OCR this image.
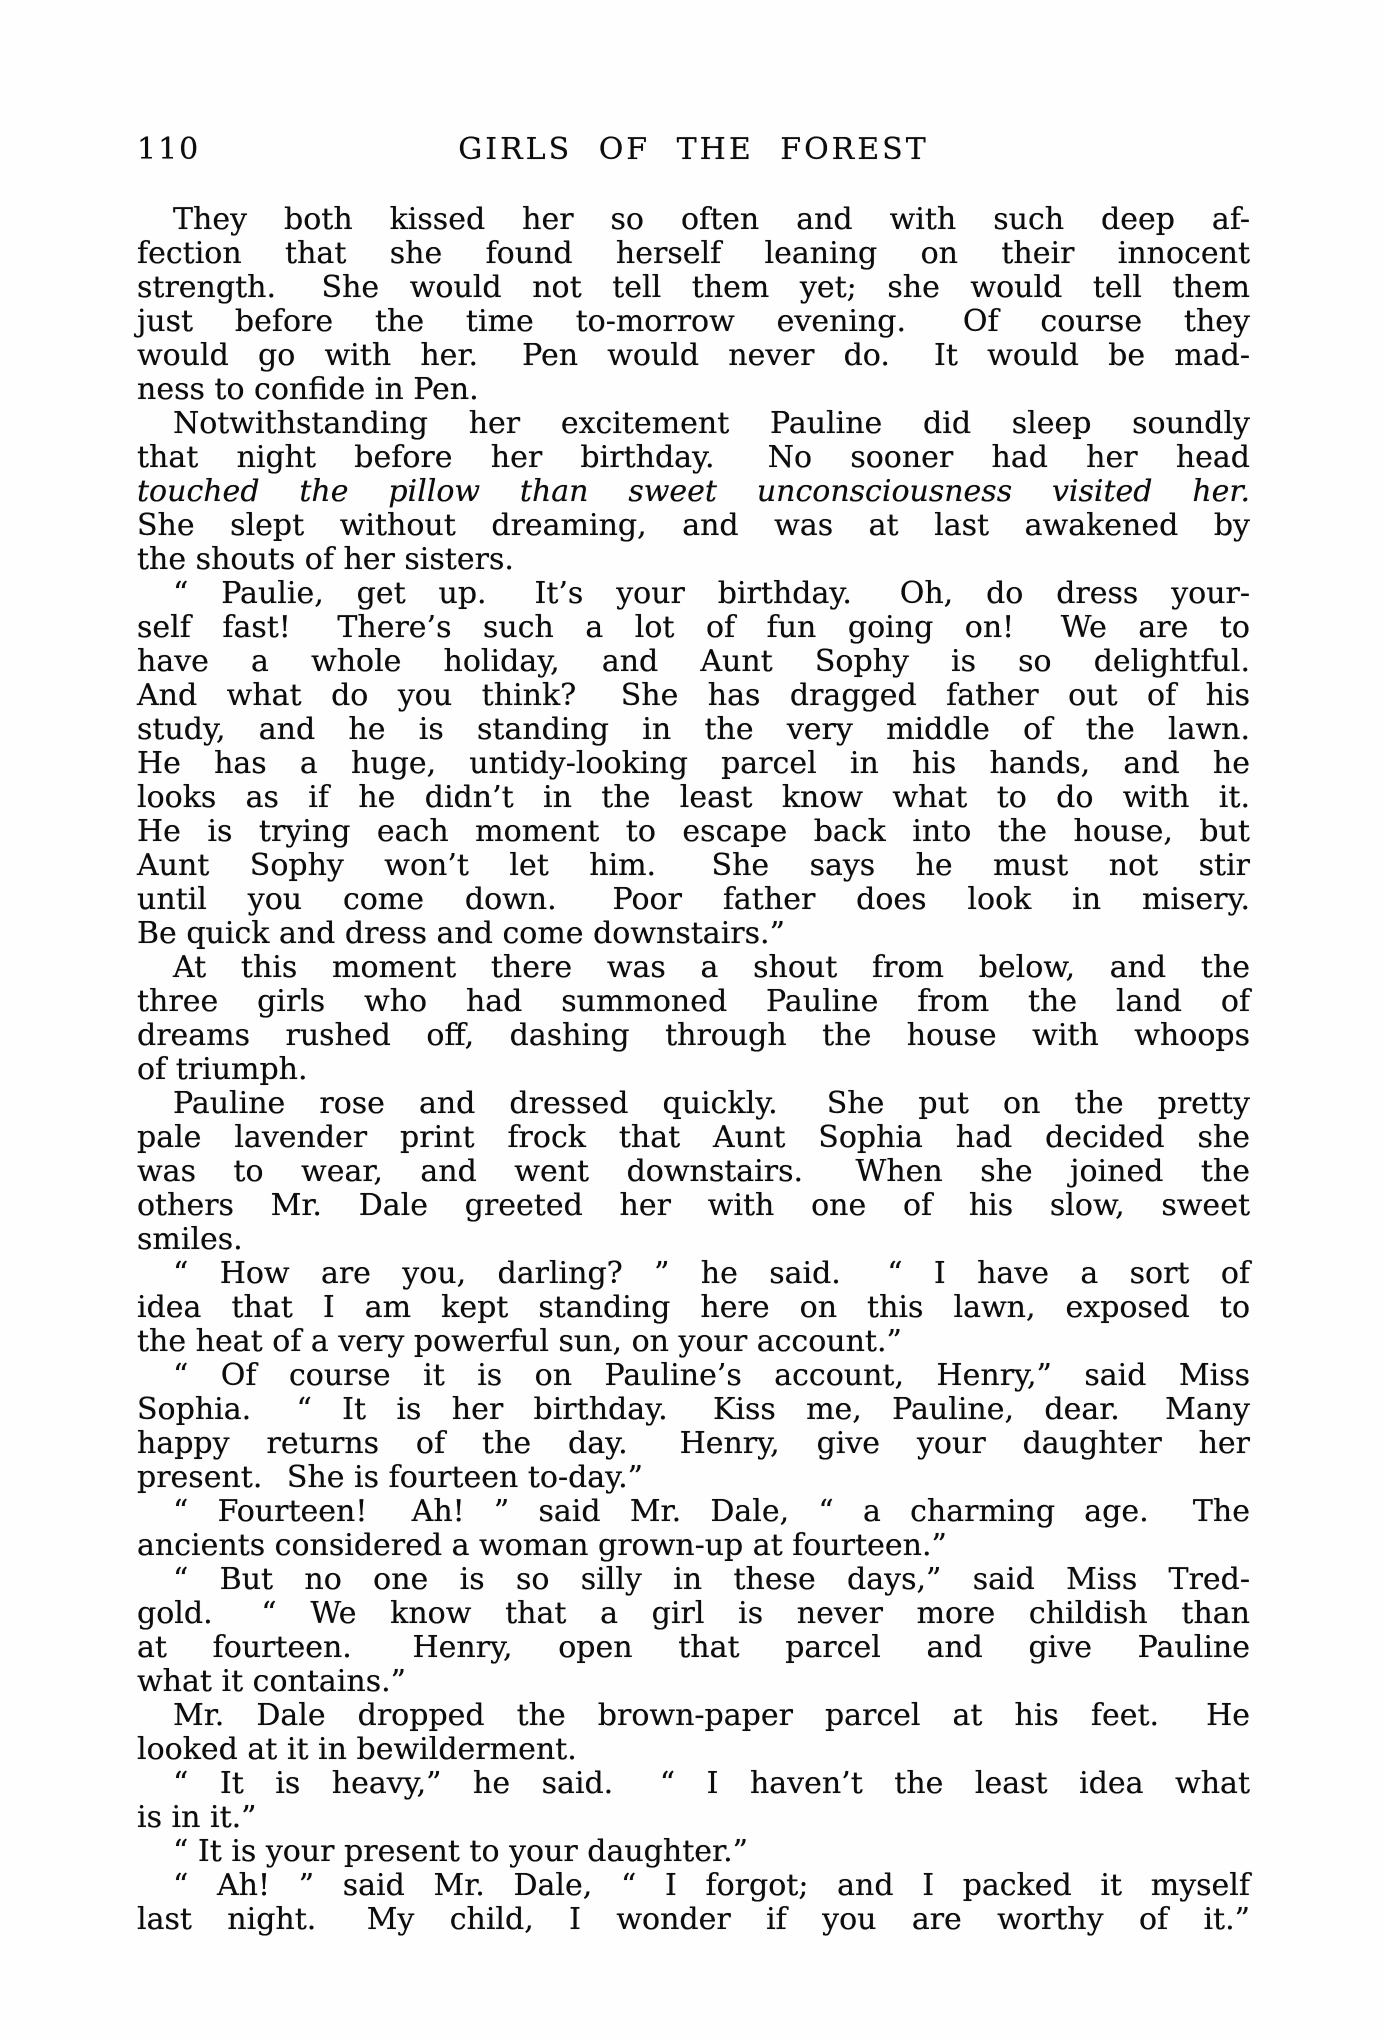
110	GIRLS OF THE FOREST
They both kissed her so often and with such deep af-
fection that she found herself leaning on their innocent
strength.  She would not tell them yet; she would tell them
just before the time to-morrow evening.  Of course they
would go with her.  Pen would never do.  It would be mad-
ness to confide in Pen.
Notwithstanding her excitement Pauline did sleep soundly
that night before her birthday.  No sooner had her head
touched the pillow than sweet unconsciousness visited her.
She slept without dreaming, and was at last awakened by
the shouts of her sisters.
“ Paulie, get up.  It’s your birthday.  Oh, do dress your-
self fast!  There’s such a lot of fun going on!  We are to
have a whole holiday, and Aunt Sophy is so delightful.
And what do you think?  She has dragged father out of his
study, and he is standing in the very middle of the lawn.
He has a huge, untidy-looking parcel in his hands, and he
looks as if he didn’t in the least know what to do with it.
He is trying each moment to escape back into the house, but
Aunt Sophy won’t let him.  She says he must not stir
until you come down.  Poor father does look in misery.
Be quick and dress and come downstairs.”
At this moment there was a shout from below, and the
three girls who had summoned Pauline from the land of
dreams rushed off, dashing through the house with whoops
of triumph.
Pauline rose and dressed quickly.  She put on the pretty
pale lavender print frock that Aunt Sophia had decided she
was to wear, and went downstairs.  When she joined the
others Mr. Dale greeted her with one of his slow, sweet
smiles.
“ How are you, darling? ” he said.  “ I have a sort of
idea that I am kept standing here on this lawn, exposed to
the heat of a very powerful sun, on your account.”
“ Of course it is on Pauline’s account, Henry,” said Miss
Sophia.  “ It is her birthday.  Kiss me, Pauline, dear.  Many
happy returns of the day.  Henry, give your daughter her
present.  She is fourteen to-day.”
“ Fourteen!  Ah! ” said Mr. Dale, “ a charming age.  The
ancients considered a woman grown-up at fourteen.”
“ But no one is so silly in these days,” said Miss Tred-
gold.  “ We know that a girl is never more childish than
at fourteen.  Henry, open that parcel and give Pauline
what it contains.”
Mr. Dale dropped the brown-paper parcel at his feet.  He
looked at it in bewilderment.
“ It is heavy,” he said.  “ I haven’t the least idea what
is in it.”
“ It is your present to your daughter.”
“ Ah! ” said Mr. Dale, “ I forgot; and I packed it myself
last night.  My child, I wonder if you are worthy of it.”
